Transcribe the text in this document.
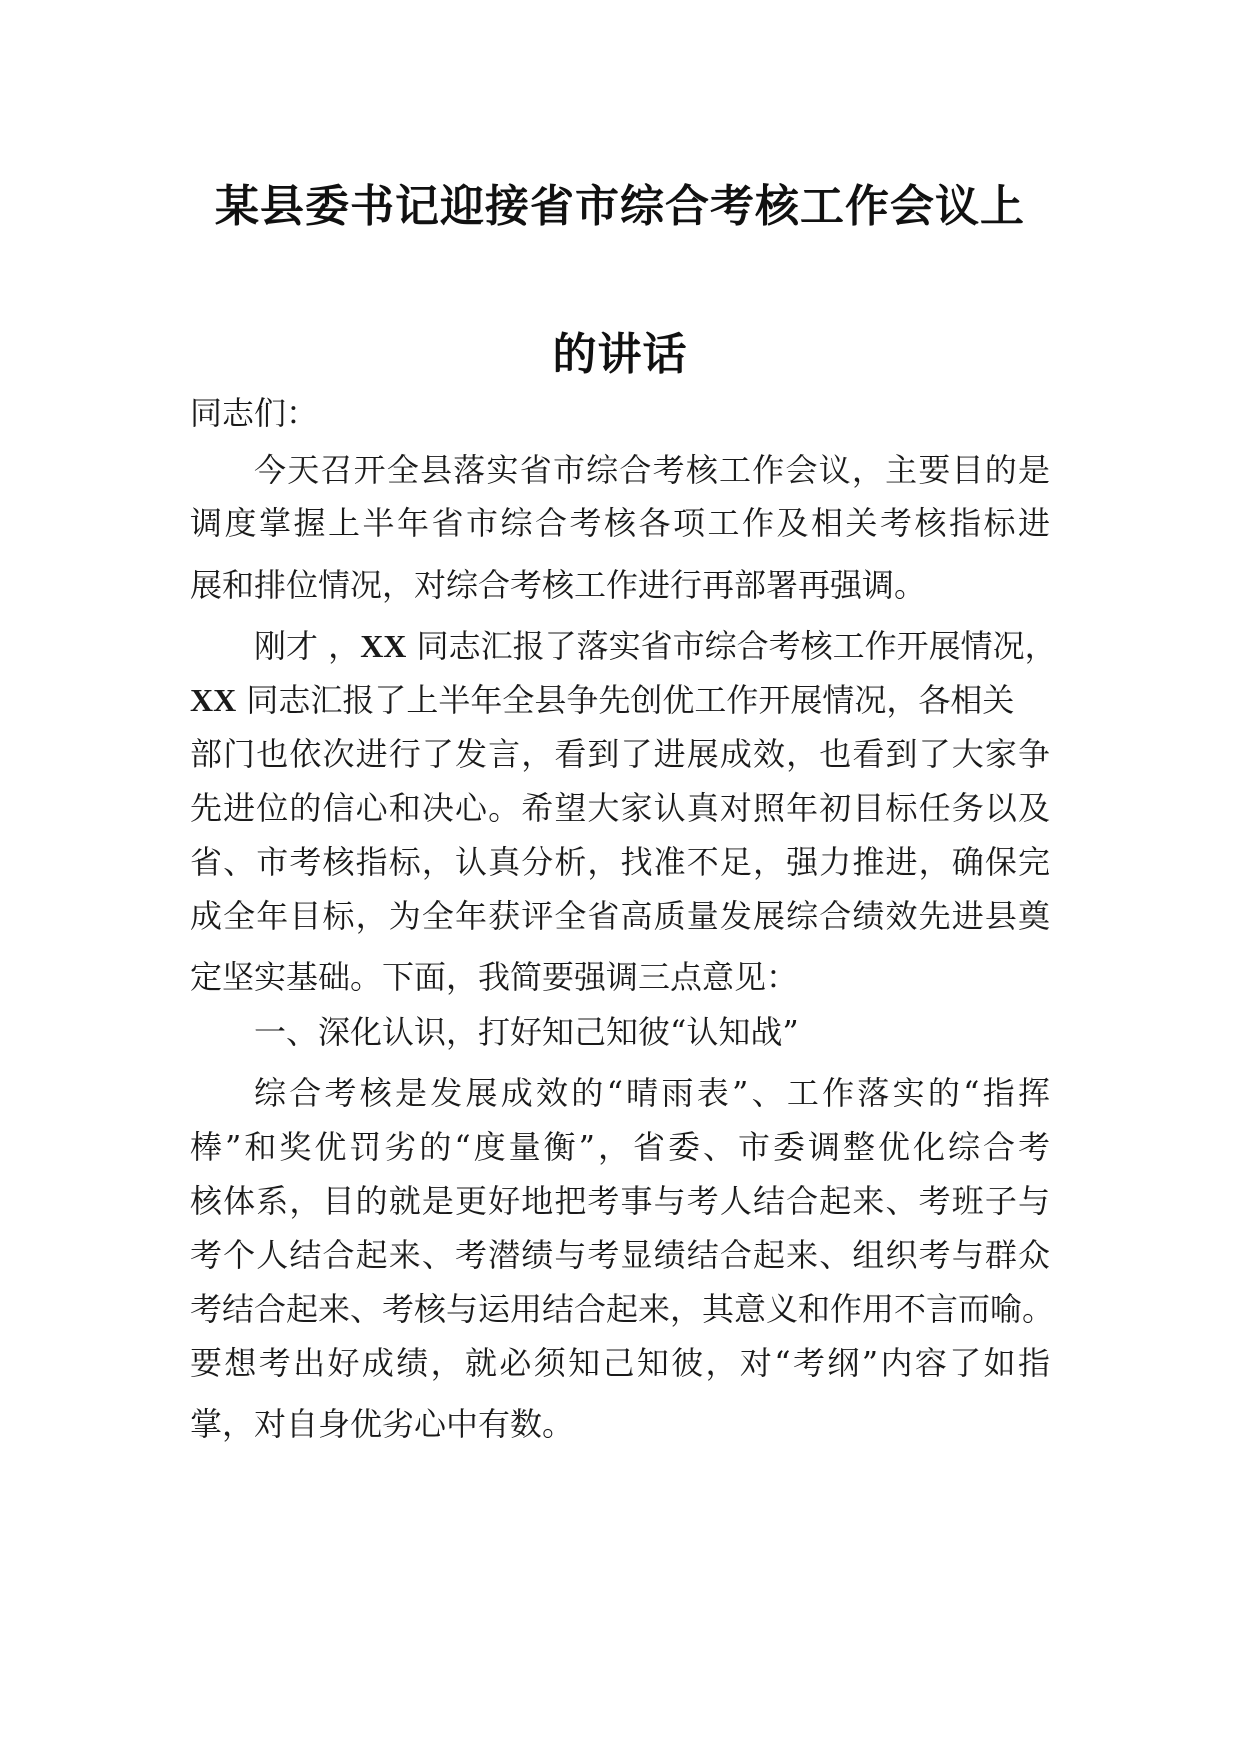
某县委书记迎接省市综合考核工作会议上
的讲话
同志们：
今天召开全县落实省市综合考核工作会议，主要目的是
调度掌握上半年省市综合考核各项工作及相关考核指标进
展和排位情况，对综合考核工作进行再部署再强调。
刚才 ，XX 同志汇报了落实省市综合考核工作开展情况，
XX 同志汇报了上半年全县争先创优工作开展情况，各相关
部门也依次进行了发言，看到了进展成效，也看到了大家争
先进位的信心和决心。希望大家认真对照年初目标任务以及
省、市考核指标，认真分析，找准不足，强力推进，确保完
成全年目标，为全年获评全省高质量发展综合绩效先进县奠
定坚实基础。下面，我简要强调三点意见：
一、深化认识，打好知己知彼“认知战”
综合考核是发展成效的“晴雨表”、工作落实的“指挥
棒”和奖优罚劣的“度量衡”，省委、市委调整优化综合考
核体系，目的就是更好地把考事与考人结合起来、考班子与
考个人结合起来、考潜绩与考显绩结合起来、组织考与群众
考结合起来、考核与运用结合起来，其意义和作用不言而喻。
要想考出好成绩，就必须知己知彼，对“考纲”内容了如指
掌，对自身优劣心中有数。
